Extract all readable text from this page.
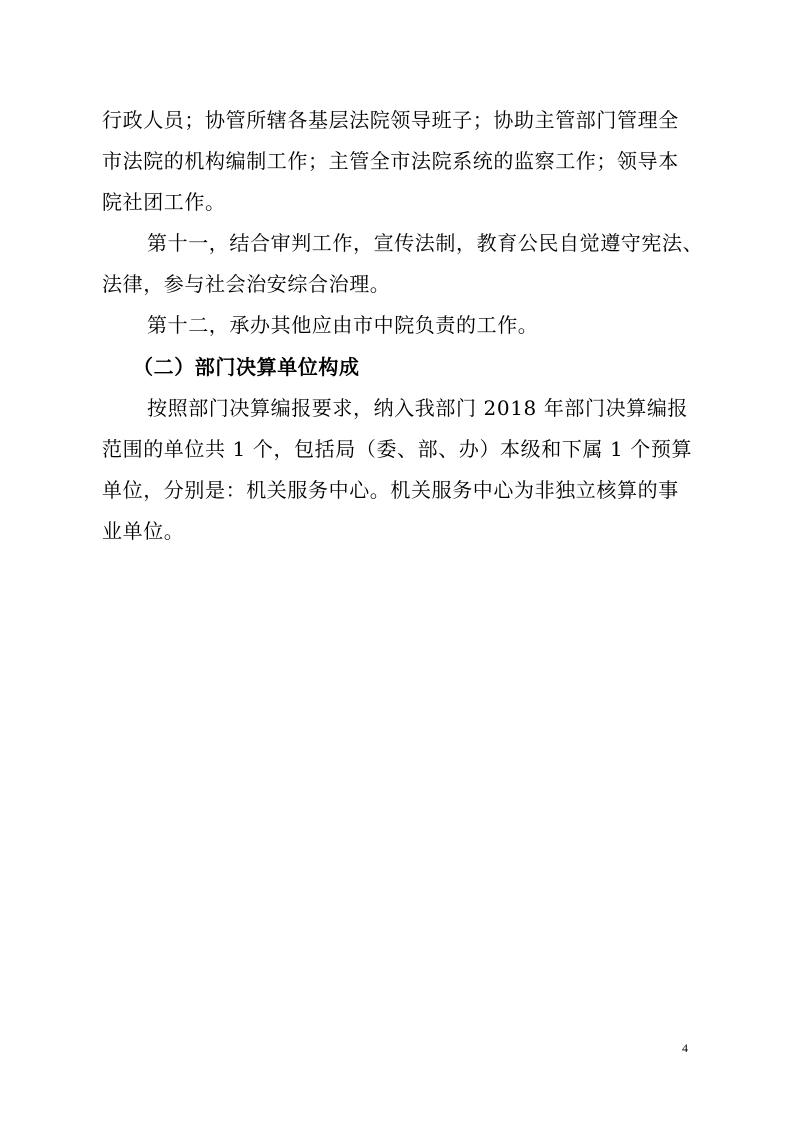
行政人员；协管所辖各基层法院领导班子；协助主管部门管理全
市法院的机构编制工作；主管全市法院系统的监察工作；领导本
院社团工作。
第十一，结合审判工作，宣传法制，教育公民自觉遵守宪法、
法律，参与社会治安综合治理。
第十二，承办其他应由市中院负责的工作。
（二）部门决算单位构成
按照部门决算编报要求，纳入我部门 2018 年部门决算编报
范围的单位共 1 个，包括局（委、部、办）本级和下属 1 个预算
单位，分别是：机关服务中心。机关服务中心为非独立核算的事
业单位。
4
